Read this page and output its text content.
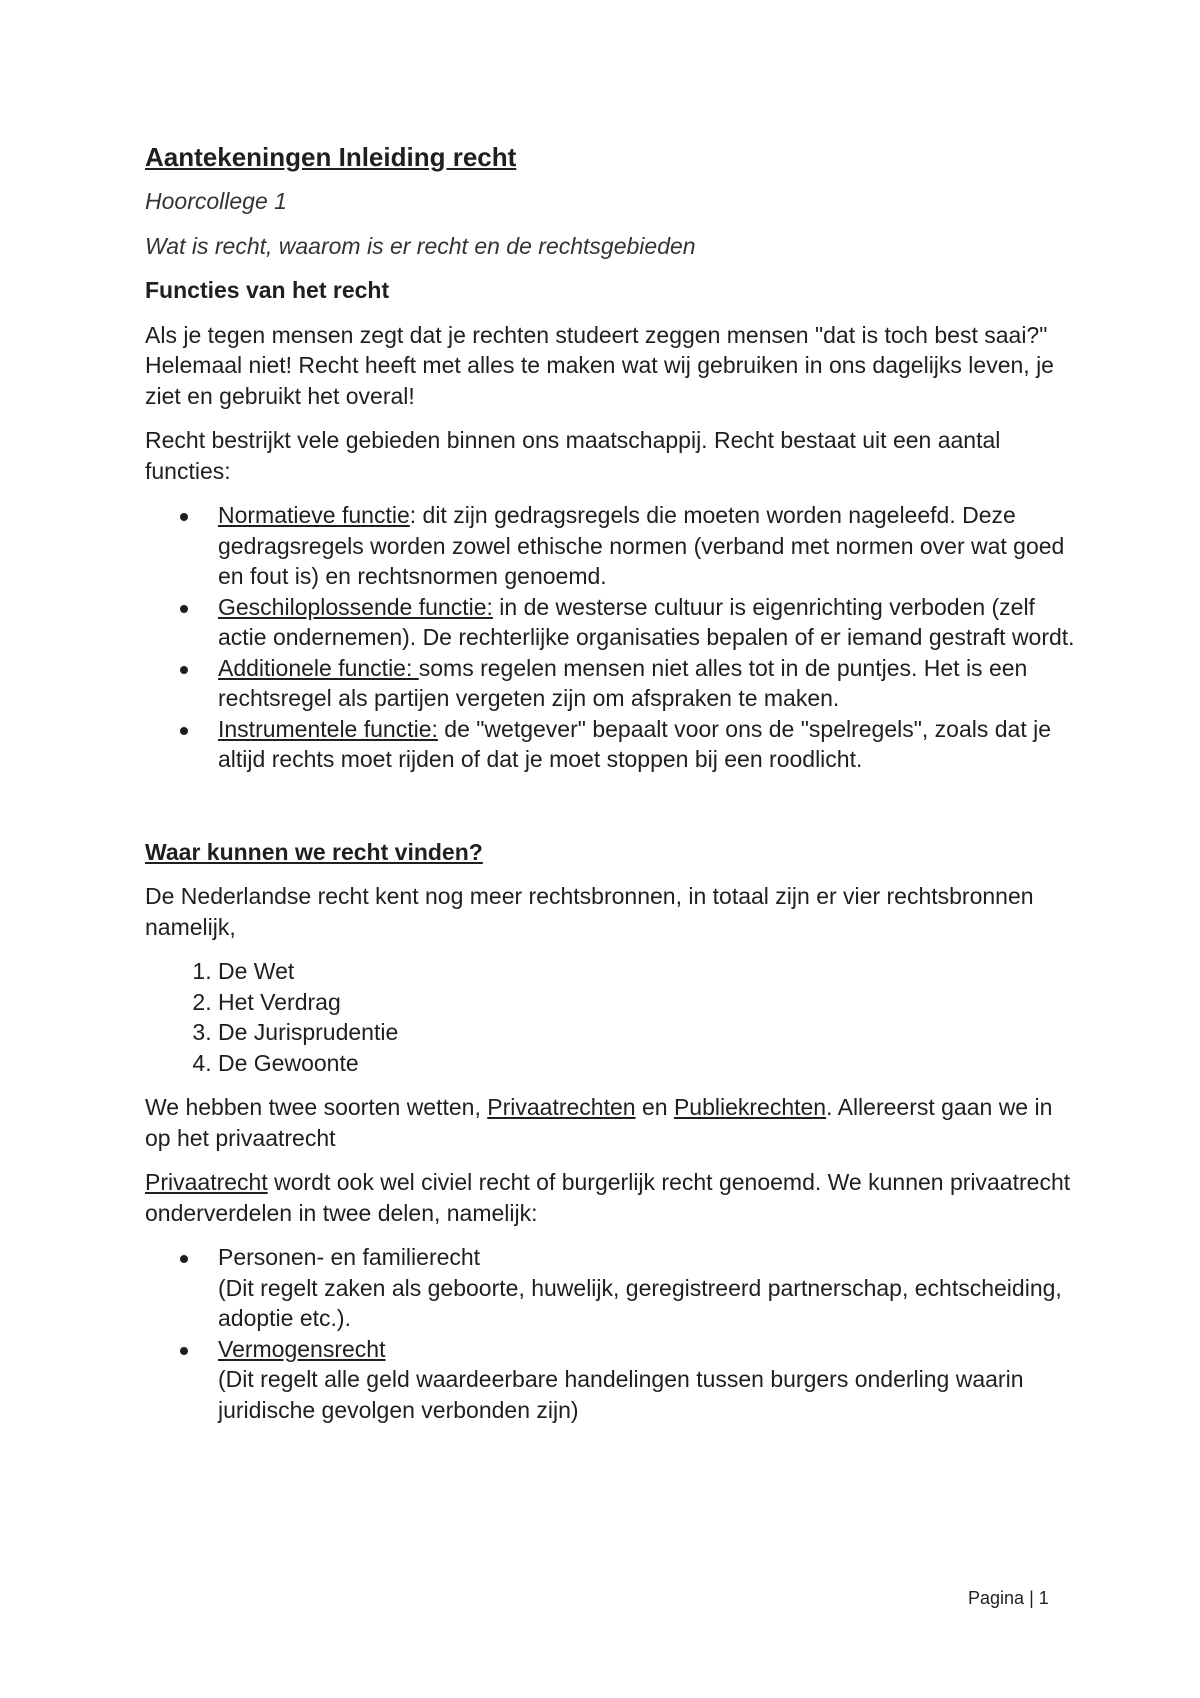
Aantekeningen Inleiding recht
Hoorcollege 1
Wat is recht, waarom is er recht en de rechtsgebieden
Functies van het recht

Als je tegen mensen zegt dat je rechten studeert zeggen mensen "dat is toch best saai?" Helemaal niet! Recht heeft met alles te maken wat wij gebruiken in ons dagelijks leven, je ziet en gebruikt het overal!

Recht bestrijkt vele gebieden binnen ons maatschappij. Recht bestaat uit een aantal functies:

Normatieve functie: dit zijn gedragsregels die moeten worden nageleefd. Deze gedragsregels worden zowel ethische normen (verband met normen over wat goed en fout is) en rechtsnormen genoemd.
Geschiloplossende functie: in de westerse cultuur is eigenrichting verboden (zelf actie ondernemen). De rechterlijke organisaties bepalen of er iemand gestraft wordt.
Additionele functie: soms regelen mensen niet alles tot in de puntjes. Het is een rechtsregel als partijen vergeten zijn om afspraken te maken.
Instrumentele functie: de "wetgever" bepaalt voor ons de "spelregels", zoals dat je altijd rechts moet rijden of dat je moet stoppen bij een roodlicht.
Waar kunnen we recht vinden?

De Nederlandse recht kent nog meer rechtsbronnen, in totaal zijn er vier rechtsbronnen namelijk,

1. De Wet
2. Het Verdrag
3. De Jurisprudentie
4. De Gewoonte

We hebben twee soorten wetten, Privaatrechten en Publiekrechten. Allereerst gaan we in op het privaatrecht

Privaatrecht wordt ook wel civiel recht of burgerlijk recht genoemd. We kunnen privaatrecht onderverdelen in twee delen, namelijk:

Personen- en familierecht
(Dit regelt zaken als geboorte, huwelijk, geregistreerd partnerschap, echtscheiding, adoptie etc.).
Vermogensrecht
(Dit regelt alle geld waardeerbare handelingen tussen burgers onderling waarin juridische gevolgen verbonden zijn)
Pagina | 1
